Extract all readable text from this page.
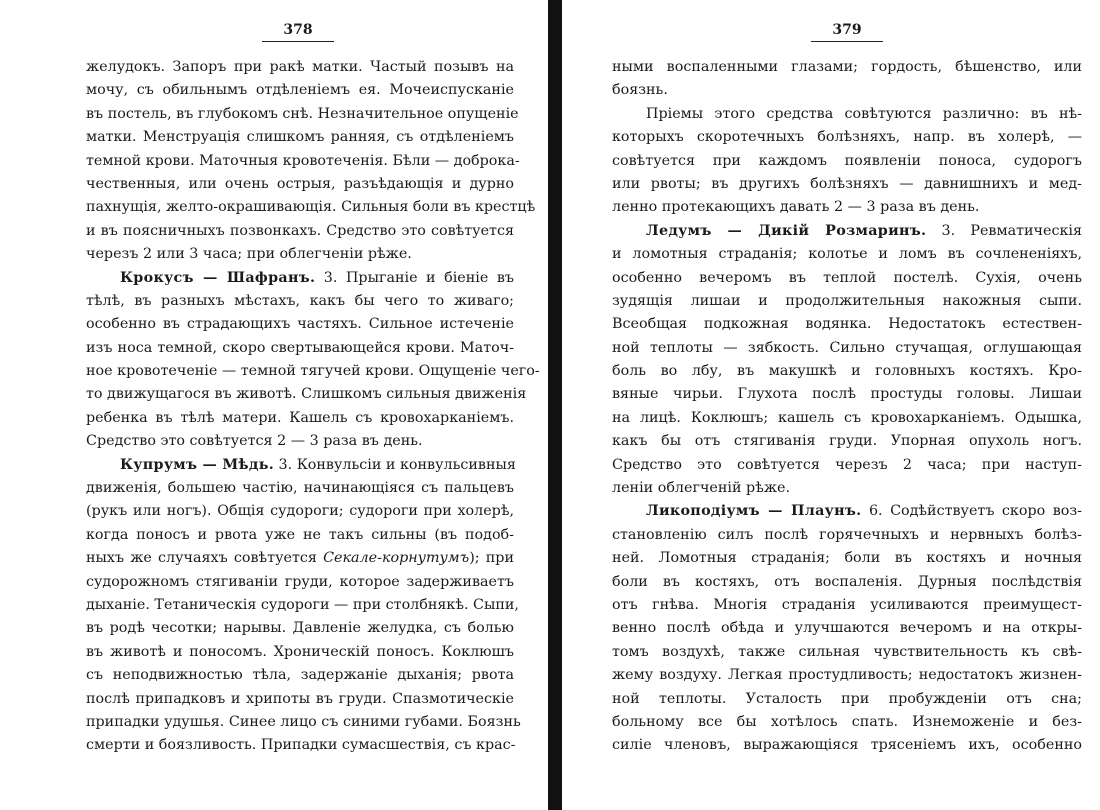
378
желудокъ. Запоръ при ракѣ матки. Частый позывъ на
мочу, съ обильнымъ отдѣленіемъ ея. Мочеиспусканіе
въ постель, въ глубокомъ снѣ. Незначительное опущеніе
матки. Менструація слишкомъ ранняя, съ отдѣленіемъ
темной крови. Маточныя кровотеченія. Бѣли — доброка-
чественныя, или очень острыя, разъѣдающія и дурно
пахнущія, желто-окрашивающія. Сильныя боли въ крестцѣ
и въ поясничныхъ позвонкахъ. Средство это совѣтуется
черезъ 2 или 3 часа; при облегченіи рѣже.
Крокусъ — Шафранъ. 3. Прыганіе и біеніе въ
тѣлѣ, въ разныхъ мѣстахъ, какъ бы чего то живаго;
особенно въ страдающихъ частяхъ. Сильное истеченіе
изъ носа темной, скоро свертывающейся крови. Маточ-
ное кровотеченіе — темной тягучей крови. Ощущеніе чего-
то движущагося въ животѣ. Слишкомъ сильныя движенія
ребенка въ тѣлѣ матери. Кашель съ кровохарканіемъ.
Средство это совѣтуется 2 — 3 раза въ день.
Купрумъ — Мѣдь. 3. Конвульсіи и конвульсивныя
движенія, большею частію, начинающіяся съ пальцевъ
(рукъ или ногъ). Общія судороги; судороги при холерѣ,
когда поносъ и рвота уже не такъ сильны (въ подоб-
ныхъ же случаяхъ совѣтуется Секале-корнутумъ); при
судорожномъ стягиваніи груди, которое задерживаетъ
дыханіе. Тетаническія судороги — при столбнякѣ. Сыпи,
въ родѣ чесотки; нарывы. Давленіе желудка, съ болью
въ животѣ и поносомъ. Хроническій поносъ. Коклюшъ
съ неподвижностью тѣла, задержаніе дыханія; рвота
послѣ припадковъ и хрипоты въ груди. Спазмотическіе
припадки удушья. Синее лицо съ синими губами. Боязнь
смерти и боязливость. Припадки сумасшествія, съ крас-
379
ными воспаленными глазами; гордость, бѣшенство, или
боязнь.
Пріемы этого средства совѣтуются различно: въ нѣ-
которыхъ скоротечныхъ болѣзняхъ, напр. въ холерѣ, —
совѣтуется при каждомъ появленіи поноса, судорогъ
или рвоты; въ другихъ болѣзняхъ — давнишнихъ и мед-
ленно протекающихъ давать 2 — 3 раза въ день.
Ледумъ — Дикій Розмаринъ. 3. Ревматическія
и ломотныя страданія; колотье и ломъ въ сочлененіяхъ,
особенно вечеромъ въ теплой постелѣ. Сухія, очень
зудящія лишаи и продолжительныя накожныя сыпи.
Всеобщая подкожная водянка. Недостатокъ естествен-
ной теплоты — зябкость. Сильно стучащая, оглушающая
боль во лбу, въ макушкѣ и головныхъ костяхъ. Кро-
вяные чирьи. Глухота послѣ простуды головы. Лишаи
на лицѣ. Коклюшъ; кашель съ кровохарканіемъ. Одышка,
какъ бы отъ стягиванія груди. Упорная опухоль ногъ.
Средство это совѣтуется черезъ 2 часа; при наступ-
леніи облегченій рѣже.
Ликоподіумъ — Плаунъ. 6. Содѣйствуетъ скоро воз-
становленію силъ послѣ горячечныхъ и нервныхъ болѣз-
ней. Ломотныя страданія; боли въ костяхъ и ночныя
боли въ костяхъ, отъ воспаленія. Дурныя послѣдствія
отъ гнѣва. Многія страданія усиливаются преимущест-
венно послѣ обѣда и улучшаются вечеромъ и на откры-
томъ воздухѣ, также сильная чувствительность къ свѣ-
жему воздуху. Легкая простудливость; недостатокъ жизнен-
ной теплоты. Усталость при пробужденіи отъ сна;
больному все бы хотѣлось спать. Изнеможеніе и без-
силіе членовъ, выражающіяся трясеніемъ ихъ, особенно
